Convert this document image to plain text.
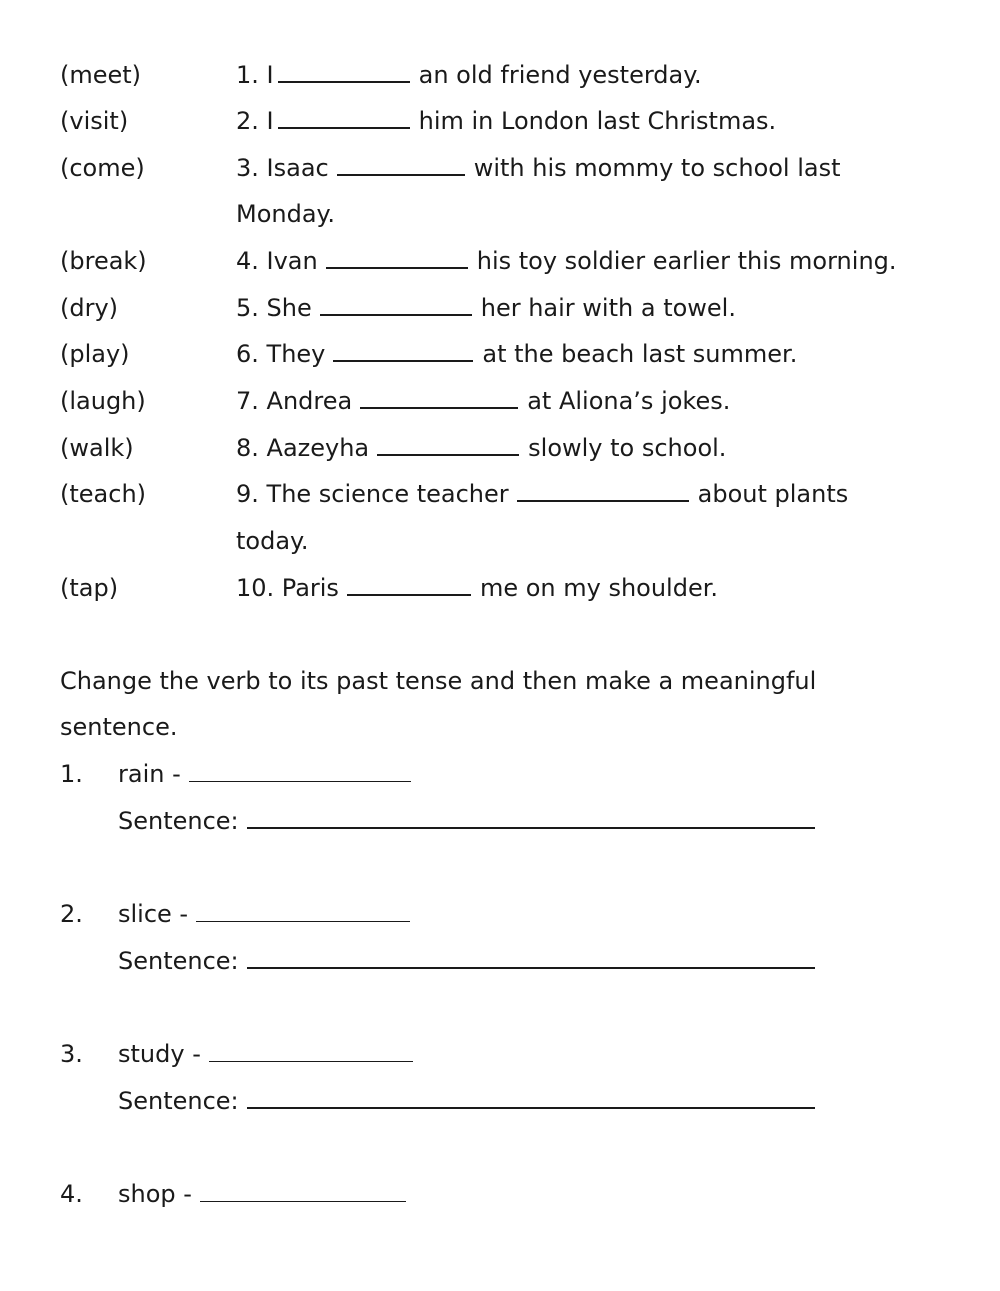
(meet)	1. I	an old friend yesterday.
(visit)	2. I	him in London last Christmas.
(come)	3. Isaac	with his mommy to school last
Monday.
(break)	4. Ivan	his toy soldier earlier this morning.
(dry)	5. She	her hair with a towel.
(play)	6. They	at the beach last summer.
(laugh)	7. Andrea	at Aliona’s jokes.
(walk)	8. Aazeyha	slowly to school.
(teach)	9. The science teacher	about plants
today.
(tap)	10. Paris	me on my shoulder.
Change the verb to its past tense and then make a meaningful sentence.
1. rain -
Sentence:
2. slice -
Sentence:
3. study -
Sentence:
4. shop -
